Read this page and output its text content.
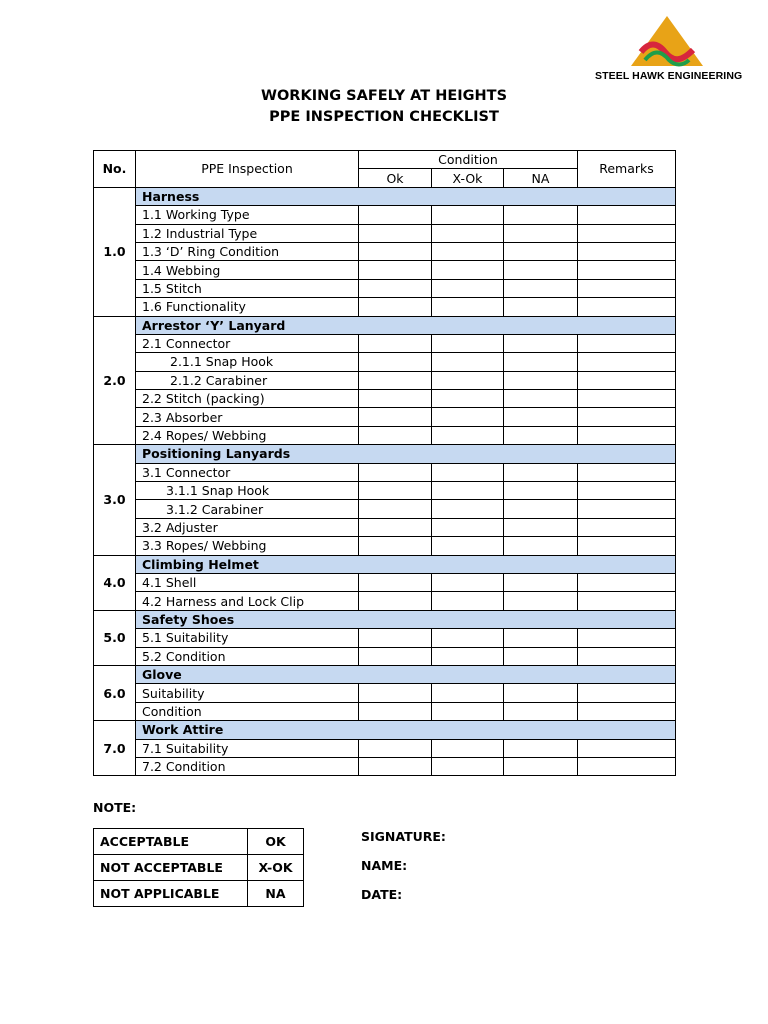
STEEL HAWK ENGINEERING
WORKING SAFELY AT HEIGHTS
PPE INSPECTION CHECKLIST
No.	PPE Inspection	Condition			Remarks
		Ok	X-Ok	NA	
1.0	Harness				
	1.1 Working Type				
	1.2 Industrial Type				
	1.3 ‘D’ Ring Condition				
	1.4 Webbing				
	1.5 Stitch				
	1.6 Functionality				
2.0	Arrestor ‘Y’ Lanyard				
	2.1 Connector				
	2.1.1 Snap Hook				
	2.1.2 Carabiner				
	2.2 Stitch (packing)				
	2.3 Absorber				
	2.4 Ropes/ Webbing				
3.0	Positioning Lanyards				
	3.1 Connector				
	3.1.1 Snap Hook				
	3.1.2 Carabiner				
	3.2 Adjuster				
	3.3 Ropes/ Webbing				
4.0	Climbing Helmet				
	4.1 Shell				
	4.2 Harness and Lock Clip				
5.0	Safety Shoes				
	5.1 Suitability				
	5.2 Condition				
6.0	Glove				
	Suitability				
	Condition				
7.0	Work Attire				
	7.1 Suitability				
	7.2 Condition				
NOTE:
ACCEPTABLE	OK
NOT ACCEPTABLE	X-OK
NOT APPLICABLE	NA
SIGNATURE:
NAME:
DATE:
